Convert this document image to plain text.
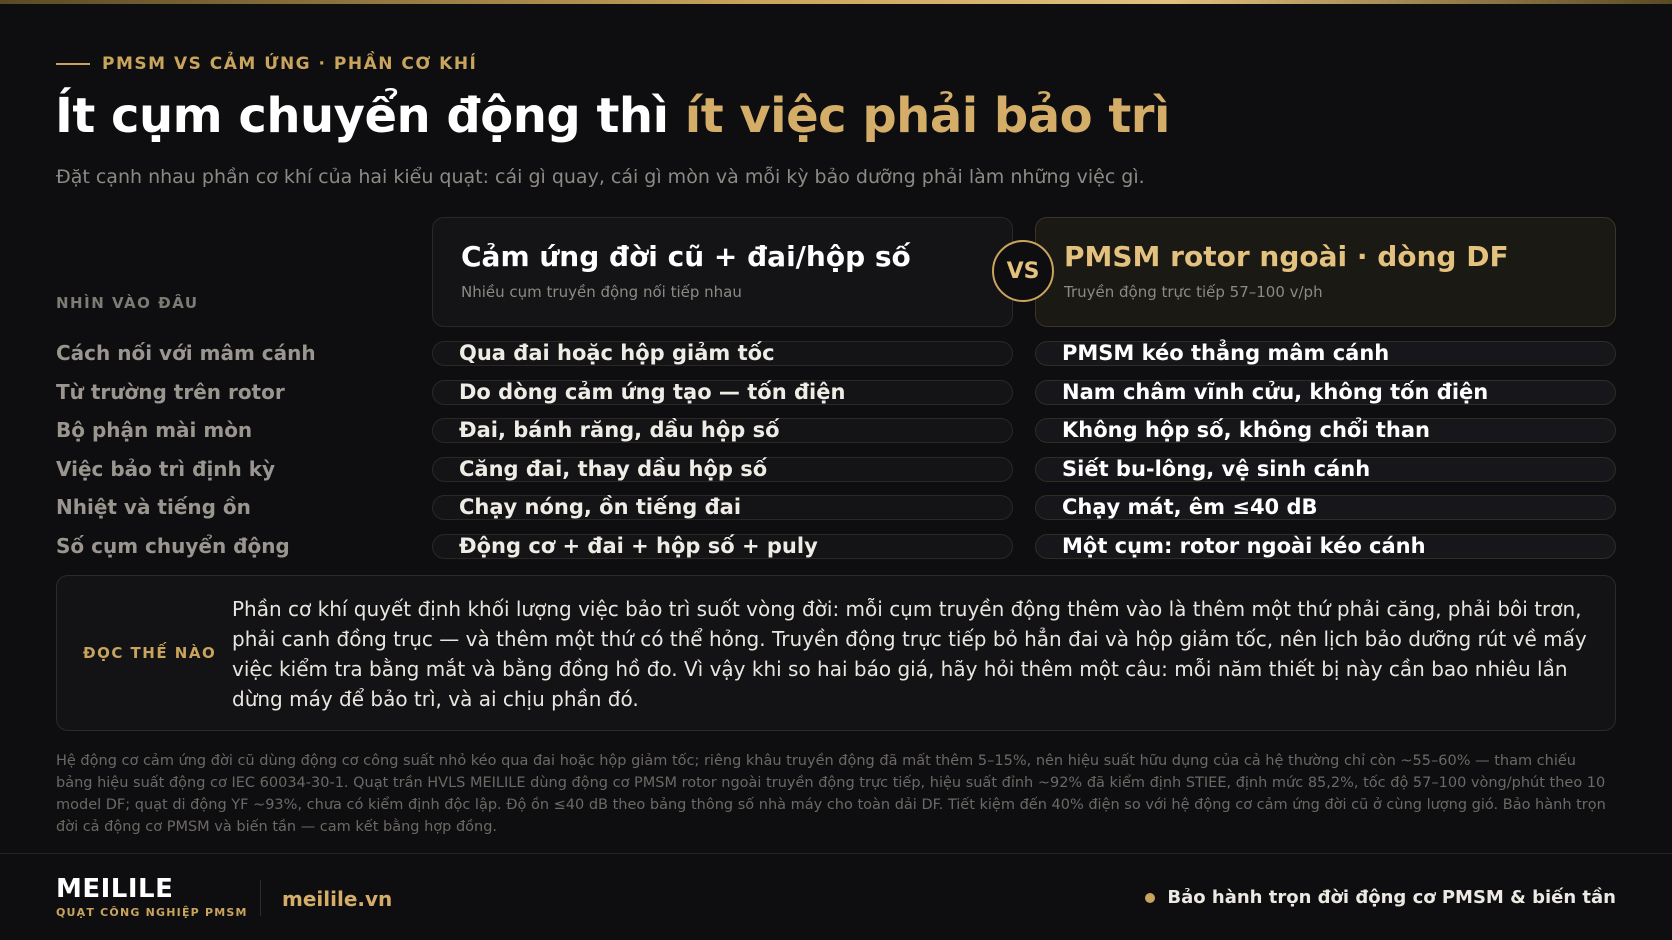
PMSM VS CẢM ỨNG · PHẦN CƠ KHÍ
Ít cụm chuyển động thì ít việc phải bảo trì
Đặt cạnh nhau phần cơ khí của hai kiểu quạt: cái gì quay, cái gì mòn và mỗi kỳ bảo dưỡng phải làm những việc gì.
NHÌN VÀO ĐÂU
Cảm ứng đời cũ + đai/hộp số
Nhiều cụm truyền động nối tiếp nhau
PMSM rotor ngoài · dòng DF
Truyền động trực tiếp 57–100 v/ph
VS
Cách nối với mâm cánh	Qua đai hoặc hộp giảm tốc	PMSM kéo thẳng mâm cánh
Từ trường trên rotor	Do dòng cảm ứng tạo — tốn điện	Nam châm vĩnh cửu, không tốn điện
Bộ phận mài mòn	Đai, bánh răng, dầu hộp số	Không hộp số, không chổi than
Việc bảo trì định kỳ	Căng đai, thay dầu hộp số	Siết bu-lông, vệ sinh cánh
Nhiệt và tiếng ồn	Chạy nóng, ồn tiếng đai	Chạy mát, êm ≤40 dB
Số cụm chuyển động	Động cơ + đai + hộp số + puly	Một cụm: rotor ngoài kéo cánh
ĐỌC THẾ NÀO
Phần cơ khí quyết định khối lượng việc bảo trì suốt vòng đời: mỗi cụm truyền động thêm vào là thêm một thứ phải căng, phải bôi trơn, phải canh đồng trục — và thêm một thứ có thể hỏng. Truyền động trực tiếp bỏ hẳn đai và hộp giảm tốc, nên lịch bảo dưỡng rút về mấy việc kiểm tra bằng mắt và bằng đồng hồ đo. Vì vậy khi so hai báo giá, hãy hỏi thêm một câu: mỗi năm thiết bị này cần bao nhiêu lần dừng máy để bảo trì, và ai chịu phần đó.
Hệ động cơ cảm ứng đời cũ dùng động cơ công suất nhỏ kéo qua đai hoặc hộp giảm tốc; riêng khâu truyền động đã mất thêm 5–15%, nên hiệu suất hữu dụng của cả hệ thường chỉ còn ~55–60% — tham chiếu bảng hiệu suất động cơ IEC 60034-30-1. Quạt trần HVLS MEILILE dùng động cơ PMSM rotor ngoài truyền động trực tiếp, hiệu suất đỉnh ~92% đã kiểm định STIEE, định mức 85,2%, tốc độ 57–100 vòng/phút theo 10 model DF; quạt di động YF ~93%, chưa có kiểm định độc lập. Độ ồn ≤40 dB theo bảng thông số nhà máy cho toàn dải DF. Tiết kiệm đến 40% điện so với hệ động cơ cảm ứng đời cũ ở cùng lượng gió. Bảo hành trọn đời cả động cơ PMSM và biến tần — cam kết bằng hợp đồng.
MEILILE
QUẠT CÔNG NGHIỆP PMSM
meilile.vn	Bảo hành trọn đời động cơ PMSM & biến tần
